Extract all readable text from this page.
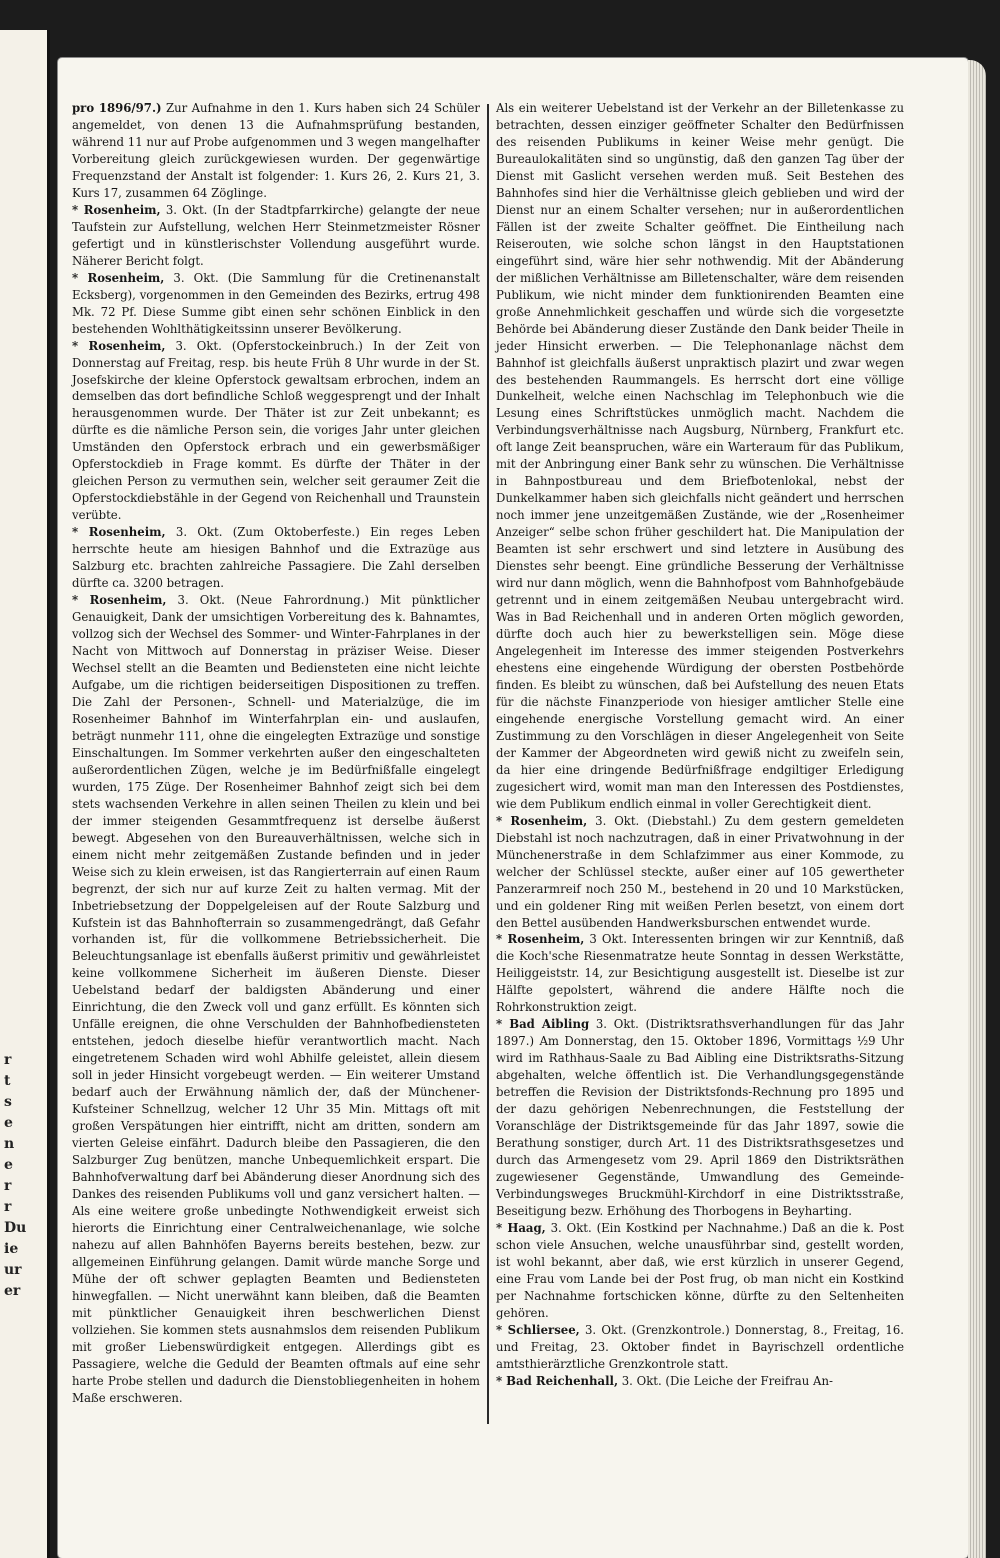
r
t
s
e
n
e
r
r
Du
ie
ur
er

pro 1896/97.) Zur Aufnahme in den 1. Kurs haben sich 24 Schüler angemeldet, von denen 13 die Aufnahmsprüfung bestanden, während 11 nur auf Probe aufgenommen und 3 wegen mangelhafter Vorbereitung gleich zurückgewiesen wurden. Der gegenwärtige Frequenzstand der Anstalt ist folgender: 1. Kurs 26, 2. Kurs 21, 3. Kurs 17, zusammen 64 Zöglinge.

* Rosenheim, 3. Okt. (In der Stadtpfarrkirche) gelangte der neue Taufstein zur Aufstellung, welchen Herr Steinmetzmeister Rösner gefertigt und in künstlerischster Vollendung ausgeführt wurde. Näherer Bericht folgt.

* Rosenheim, 3. Okt. (Die Sammlung für die Cretinenanstalt Ecksberg), vorgenommen in den Gemeinden des Bezirks, ertrug 498 Mk. 72 Pf. Diese Summe gibt einen sehr schönen Einblick in den bestehenden Wohlthätigkeitssinn unserer Bevölkerung.

* Rosenheim, 3. Okt. (Opferstockeinbruch.) In der Zeit von Donnerstag auf Freitag, resp. bis heute Früh 8 Uhr wurde in der St. Josefskirche der kleine Opferstock gewaltsam erbrochen, indem an demselben das dort befindliche Schloß weggesprengt und der Inhalt herausgenommen wurde. Der Thäter ist zur Zeit unbekannt; es dürfte es die nämliche Person sein, die voriges Jahr unter gleichen Umständen den Opferstock erbrach und ein gewerbsmäßiger Opferstockdieb in Frage kommt. Es dürfte der Thäter in der gleichen Person zu vermuthen sein, welcher seit geraumer Zeit die Opferstockdiebstähle in der Gegend von Reichenhall und Traunstein verübte.

* Rosenheim, 3. Okt. (Zum Oktoberfeste.) Ein reges Leben herrschte heute am hiesigen Bahnhof und die Extrazüge aus Salzburg etc. brachten zahlreiche Passagiere. Die Zahl derselben dürfte ca. 3200 betragen.

* Rosenheim, 3. Okt. (Neue Fahrordnung.) Mit pünktlicher Genauigkeit, Dank der umsichtigen Vorbereitung des k. Bahnamtes, vollzog sich der Wechsel des Sommer- und Winter-Fahrplanes in der Nacht von Mittwoch auf Donnerstag in präziser Weise. Dieser Wechsel stellt an die Beamten und Bediensteten eine nicht leichte Aufgabe, um die richtigen beiderseitigen Dispositionen zu treffen. Die Zahl der Personen-, Schnell- und Materialzüge, die im Rosenheimer Bahnhof im Winterfahrplan ein- und auslaufen, beträgt nunmehr 111, ohne die eingelegten Extrazüge und sonstige Einschaltungen. Im Sommer verkehrten außer den eingeschalteten außerordentlichen Zügen, welche je im Bedürfnißfalle eingelegt wurden, 175 Züge. Der Rosenheimer Bahnhof zeigt sich bei dem stets wachsenden Verkehre in allen seinen Theilen zu klein und bei der immer steigenden Gesammtfrequenz ist derselbe äußerst bewegt. Abgesehen von den Bureauverhältnissen, welche sich in einem nicht mehr zeitgemäßen Zustande befinden und in jeder Weise sich zu klein erweisen, ist das Rangierterrain auf einen Raum begrenzt, der sich nur auf kurze Zeit zu halten vermag. Mit der Inbetriebsetzung der Doppelgeleisen auf der Route Salzburg und Kufstein ist das Bahnhofterrain so zusammengedrängt, daß Gefahr vorhanden ist, für die vollkommene Betriebssicherheit. Die Beleuchtungsanlage ist ebenfalls äußerst primitiv und gewährleistet keine vollkommene Sicherheit im äußeren Dienste. Dieser Uebelstand bedarf der baldigsten Abänderung und einer Einrichtung, die den Zweck voll und ganz erfüllt. Es könnten sich Unfälle ereignen, die ohne Verschulden der Bahnhofbediensteten entstehen, jedoch dieselbe hiefür verantwortlich macht. Nach eingetretenem Schaden wird wohl Abhilfe geleistet, allein diesem soll in jeder Hinsicht vorgebeugt werden. — Ein weiterer Umstand bedarf auch der Erwähnung nämlich der, daß der Münchener-Kufsteiner Schnellzug, welcher 12 Uhr 35 Min. Mittags oft mit großen Verspätungen hier eintrifft, nicht am dritten, sondern am vierten Geleise einfährt. Dadurch bleibe den Passagieren, die den Salzburger Zug benützen, manche Unbequemlichkeit erspart. Die Bahnhofverwaltung darf bei Abänderung dieser Anordnung sich des Dankes des reisenden Publikums voll und ganz versichert halten. — Als eine weitere große unbedingte Nothwendigkeit erweist sich hierorts die Einrichtung einer Centralweichenanlage, wie solche nahezu auf allen Bahnhöfen Bayerns bereits bestehen, bezw. zur allgemeinen Einführung gelangen. Damit würde manche Sorge und Mühe der oft schwer geplagten Beamten und Bediensteten hinwegfallen. — Nicht unerwähnt kann bleiben, daß die Beamten mit pünktlicher Genauigkeit ihren beschwerlichen Dienst vollziehen. Sie kommen stets ausnahmslos dem reisenden Publikum mit großer Liebenswürdigkeit entgegen. Allerdings gibt es Passagiere, welche die Geduld der Beamten oftmals auf eine sehr harte Probe stellen und dadurch die Dienstobliegenheiten in hohem Maße erschweren.

Als ein weiterer Uebelstand ist der Verkehr an der Billetenkasse zu betrachten, dessen einziger geöffneter Schalter den Bedürfnissen des reisenden Publikums in keiner Weise mehr genügt. Die Bureaulokalitäten sind so ungünstig, daß den ganzen Tag über der Dienst mit Gaslicht versehen werden muß. Seit Bestehen des Bahnhofes sind hier die Verhältnisse gleich geblieben und wird der Dienst nur an einem Schalter versehen; nur in außerordentlichen Fällen ist der zweite Schalter geöffnet. Die Eintheilung nach Reiserouten, wie solche schon längst in den Hauptstationen eingeführt sind, wäre hier sehr nothwendig. Mit der Abänderung der mißlichen Verhältnisse am Billetenschalter, wäre dem reisenden Publikum, wie nicht minder dem funktionirenden Beamten eine große Annehmlichkeit geschaffen und würde sich die vorgesetzte Behörde bei Abänderung dieser Zustände den Dank beider Theile in jeder Hinsicht erwerben. — Die Telephonanlage nächst dem Bahnhof ist gleichfalls äußerst unpraktisch plazirt und zwar wegen des bestehenden Raummangels. Es herrscht dort eine völlige Dunkelheit, welche einen Nachschlag im Telephonbuch wie die Lesung eines Schriftstückes unmöglich macht. Nachdem die Verbindungsverhältnisse nach Augsburg, Nürnberg, Frankfurt etc. oft lange Zeit beanspruchen, wäre ein Warteraum für das Publikum, mit der Anbringung einer Bank sehr zu wünschen. Die Verhältnisse in Bahnpostbureau und dem Briefbotenlokal, nebst der Dunkelkammer haben sich gleichfalls nicht geändert und herrschen noch immer jene unzeitgemäßen Zustände, wie der „Rosenheimer Anzeiger“ selbe schon früher geschildert hat. Die Manipulation der Beamten ist sehr erschwert und sind letztere in Ausübung des Dienstes sehr beengt. Eine gründliche Besserung der Verhältnisse wird nur dann möglich, wenn die Bahnhofpost vom Bahnhofgebäude getrennt und in einem zeitgemäßen Neubau untergebracht wird. Was in Bad Reichenhall und in anderen Orten möglich geworden, dürfte doch auch hier zu bewerkstelligen sein. Möge diese Angelegenheit im Interesse des immer steigenden Postverkehrs ehestens eine eingehende Würdigung der obersten Postbehörde finden. Es bleibt zu wünschen, daß bei Aufstellung des neuen Etats für die nächste Finanzperiode von hiesiger amtlicher Stelle eine eingehende energische Vorstellung gemacht wird. An einer Zustimmung zu den Vorschlägen in dieser Angelegenheit von Seite der Kammer der Abgeordneten wird gewiß nicht zu zweifeln sein, da hier eine dringende Bedürfnißfrage endgiltiger Erledigung zugesichert wird, womit man man den Interessen des Postdienstes, wie dem Publikum endlich einmal in voller Gerechtigkeit dient.

* Rosenheim, 3. Okt. (Diebstahl.) Zu dem gestern gemeldeten Diebstahl ist noch nachzutragen, daß in einer Privatwohnung in der Münchenerstraße in dem Schlafzimmer aus einer Kommode, zu welcher der Schlüssel steckte, außer einer auf 105 gewertheter Panzerarmreif noch 250 M., bestehend in 20 und 10 Markstücken, und ein goldener Ring mit weißen Perlen besetzt, von einem dort den Bettel ausübenden Handwerksburschen entwendet wurde.

* Rosenheim, 3 Okt. Interessenten bringen wir zur Kenntniß, daß die Koch'sche Riesenmatratze heute Sonntag in dessen Werkstätte, Heiliggeiststr. 14, zur Besichtigung ausgestellt ist. Dieselbe ist zur Hälfte gepolstert, während die andere Hälfte noch die Rohrkonstruktion zeigt.

* Bad Aibling 3. Okt. (Distriktsrathsverhandlungen für das Jahr 1897.) Am Donnerstag, den 15. Oktober 1896, Vormittags ½9 Uhr wird im Rathhaus-Saale zu Bad Aibling eine Distriktsraths-Sitzung abgehalten, welche öffentlich ist. Die Verhandlungsgegenstände betreffen die Revision der Distriktsfonds-Rechnung pro 1895 und der dazu gehörigen Nebenrechnungen, die Feststellung der Voranschläge der Distriktsgemeinde für das Jahr 1897, sowie die Berathung sonstiger, durch Art. 11 des Distriktsrathsgesetzes und durch das Armengesetz vom 29. April 1869 den Distriktsräthen zugewiesener Gegenstände, Umwandlung des Gemeinde-Verbindungsweges Bruckmühl-Kirchdorf in eine Distriktsstraße, Beseitigung bezw. Erhöhung des Thorbogens in Beyharting.

* Haag, 3. Okt. (Ein Kostkind per Nachnahme.) Daß an die k. Post schon viele Ansuchen, welche unausführbar sind, gestellt worden, ist wohl bekannt, aber daß, wie erst kürzlich in unserer Gegend, eine Frau vom Lande bei der Post frug, ob man nicht ein Kostkind per Nachnahme fortschicken könne, dürfte zu den Seltenheiten gehören.

* Schliersee, 3. Okt. (Grenzkontrole.) Donnerstag, 8., Freitag, 16. und Freitag, 23. Oktober findet in Bayrischzell ordentliche amtsthierärztliche Grenzkontrole statt.

* Bad Reichenhall, 3. Okt. (Die Leiche der Freifrau An-
